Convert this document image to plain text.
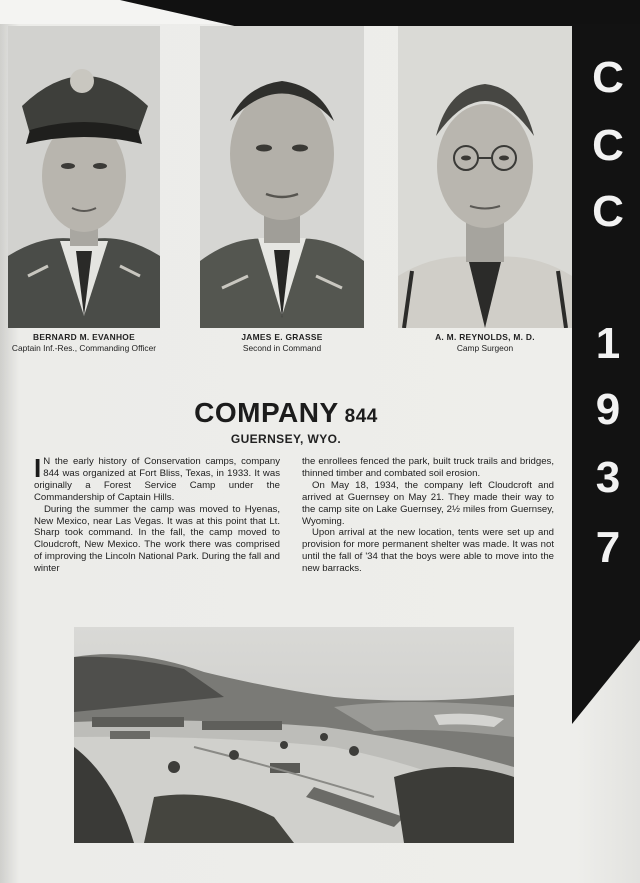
C
C
C
1
9
3
7
BERNARD M. EVANHOE
Captain Inf.-Res., Commanding Officer
JAMES E. GRASSE
Second in Command
A. M. REYNOLDS, M. D.
Camp Surgeon
COMPANY 844
GUERNSEY, WYO.

I N the early history of Conservation camps, company 844 was organized at Fort Bliss, Texas, in 1933. It was originally a Forest Service Camp under the Commandership of Captain Hills.

During the summer the camp was moved to Hyenas, New Mexico, near Las Vegas. It was at this point that Lt. Sharp took command. In the fall, the camp moved to Cloudcroft, New Mexico. The work there was comprised of improving the Lincoln National Park. During the fall and winter

the enrollees fenced the park, built truck trails and bridges, thinned timber and combated soil erosion.

On May 18, 1934, the company left Cloudcroft and arrived at Guernsey on May 21. They made their way to the camp site on Lake Guernsey, 2½ miles from Guernsey, Wyoming.

Upon arrival at the new location, tents were set up and provision for more permanent shelter was made. It was not until the fall of '34 that the boys were able to move into the new barracks.
